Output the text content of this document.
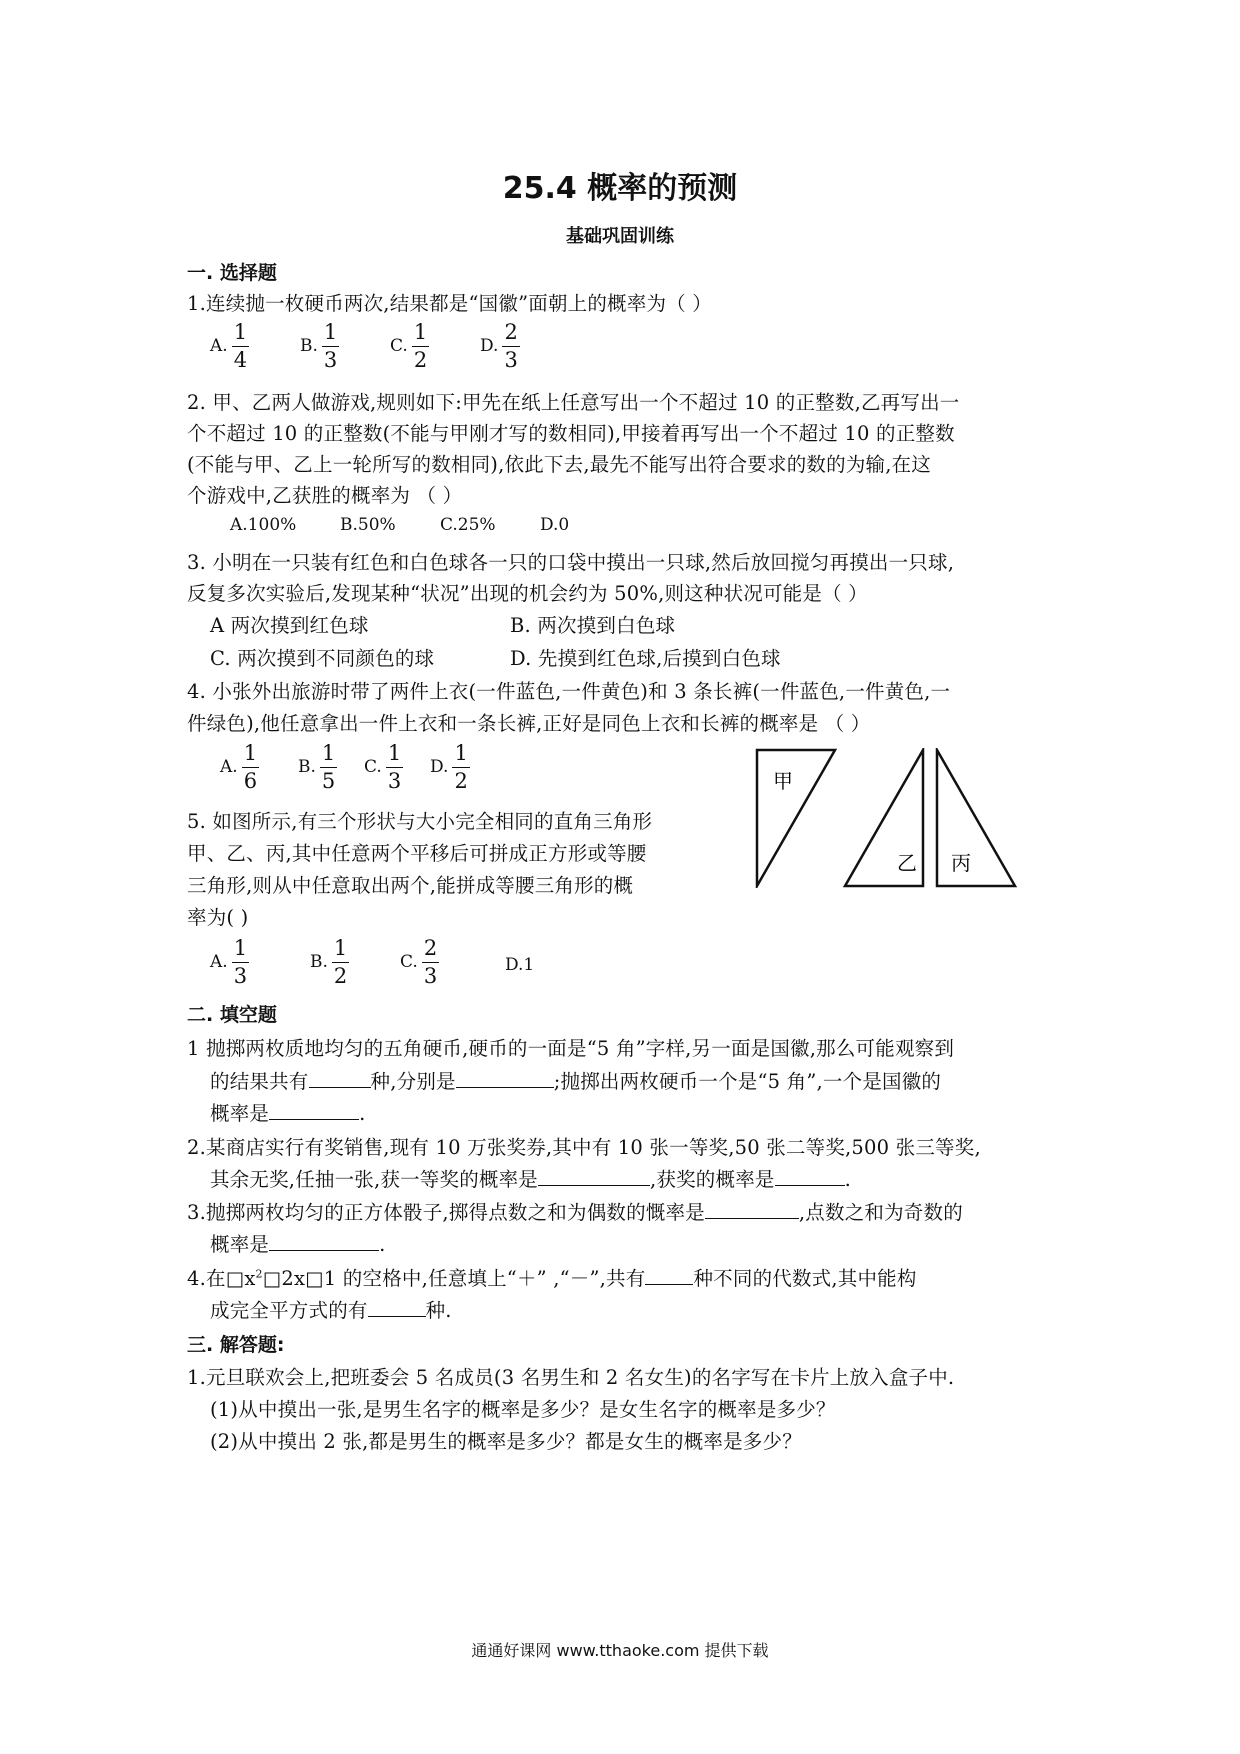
25.4 概率的预测
基础巩固训练
一. 选择题
1.连续抛一枚硬币两次,结果都是“国徽”面朝上的概率为（ ）
A. $\frac{1}{4}$	B. $\frac{1}{3}$	C. $\frac{1}{2}$	D. $\frac{2}{3}$
2. 甲、乙两人做游戏,规则如下:甲先在纸上任意写出一个不超过 10 的正整数,乙再写出一
个不超过 10 的正整数(不能与甲刚才写的数相同),甲接着再写出一个不超过 10 的正整数
(不能与甲、乙上一轮所写的数相同),依此下去,最先不能写出符合要求的数的为输,在这
个游戏中,乙获胜的概率为 （ ）
A.100%	B.50%	C.25%	D.0
3. 小明在一只装有红色和白色球各一只的口袋中摸出一只球,然后放回搅匀再摸出一只球,
反复多次实验后,发现某种“状况”出现的机会约为 50%,则这种状况可能是（ ）
A 两次摸到红色球	B. 两次摸到白色球
C. 两次摸到不同颜色的球	D. 先摸到红色球,后摸到白色球
4. 小张外出旅游时带了两件上衣(一件蓝色,一件黄色)和 3 条长裤(一件蓝色,一件黄色,一
件绿色),他任意拿出一件上衣和一条长裤,正好是同色上衣和长裤的概率是 （ ）
A. $\frac{1}{6} B$. $\frac{1}{5} C$. $\frac{1}{3} D$. $\frac{1}{2}$
5. 如图所示,有三个形状与大小完全相同的直角三角形
甲、乙、丙,其中任意两个平移后可拼成正方形或等腰
三角形,则从中任意取出两个,能拼成等腰三角形的概
率为( )
A. $\frac{1}{3}$	B. $\frac{1}{2}$	C. $\frac{2}{3}$	D.1
甲
乙 丙
二. 填空题
1 抛掷两枚质地均匀的五角硬币,硬币的一面是“5 角”字样,另一面是国徽,那么可能观察到
的结果共有	种,分别是	;抛掷出两枚硬币一个是“5 角”,一个是国徽的
概率是	.
2.某商店实行有奖销售,现有 10 万张奖券,其中有 10 张一等奖,50 张二等奖,500 张三等奖,
其余无奖,任抽一张,获一等奖的概率是	,获奖的概率是	.
3.抛掷两枚均匀的正方体骰子,掷得点数之和为偶数的慨率是	,点数之和为奇数的
概率是	.
4.在$□x^2□2x□1$ 的空格中,任意填上“＋” ,“－”,共有 种不同的代数式,其中能构
成完全平方式的有	种.
三. 解答题:
1.元旦联欢会上,把班委会 5 名成员(3 名男生和 2 名女生)的名字写在卡片上放入盒子中.
(1)从中摸出一张,是男生名字的概率是多少？是女生名字的概率是多少？
(2)从中摸出 2 张,都是男生的概率是多少？都是女生的概率是多少？
通通好课网 www.tthaoke.com 提供下载
